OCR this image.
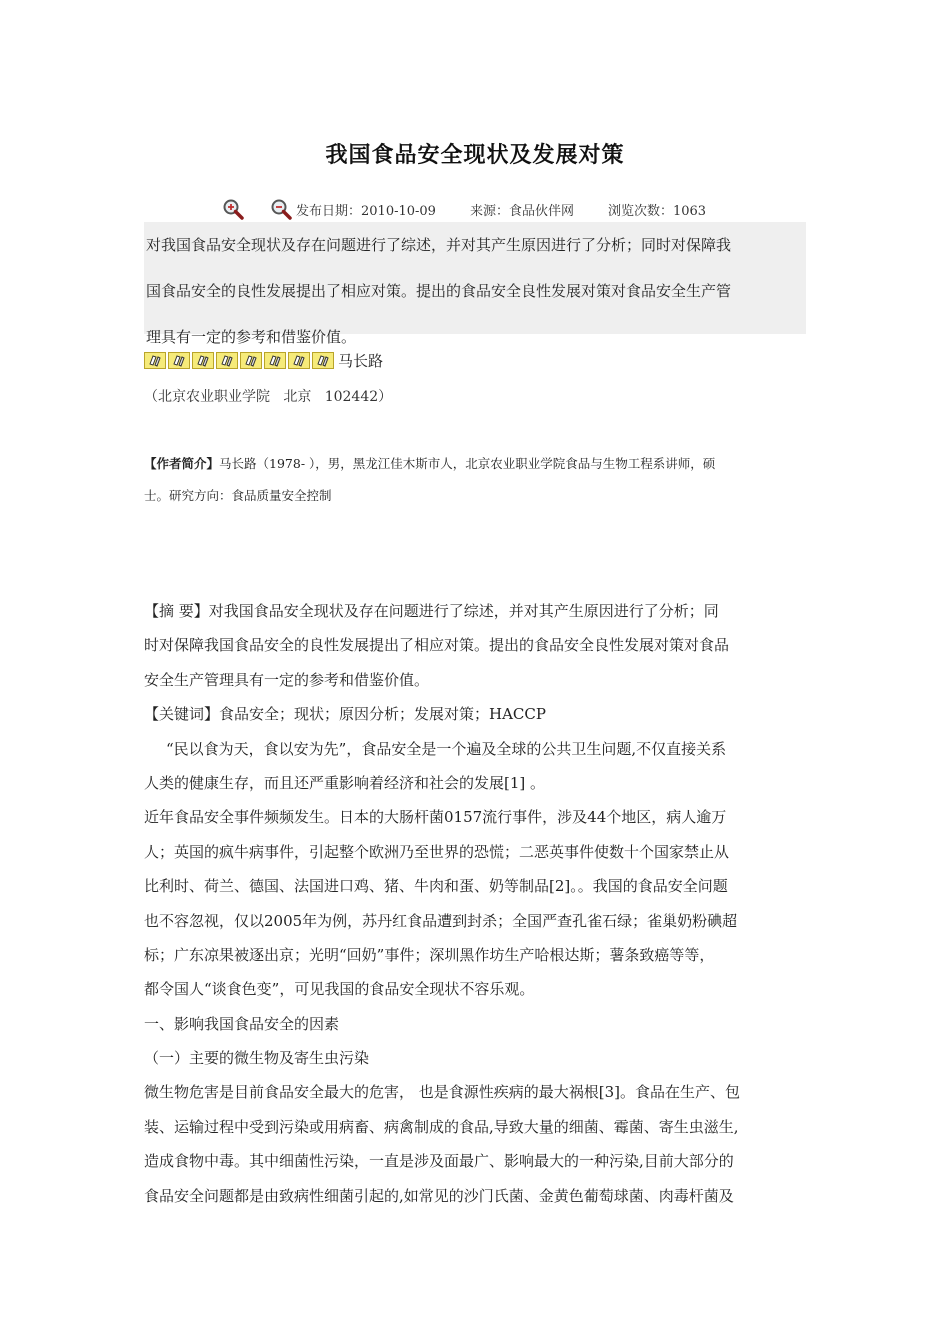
我国食品安全现状及发展对策
发布日期：2010-10-09	来源：食品伙伴网	浏览次数：1063
对我国食品安全现状及存在问题进行了综述，并对其产生原因进行了分析；同时对保障我
国食品安全的良性发展提出了相应对策。提出的食品安全良性发展对策对食品安全生产管
理具有一定的参考和借鉴价值。
马长路
（北京农业职业学院   北京   102442）
【作者简介】马长路（1978- ），男，黑龙江佳木斯市人，北京农业职业学院食品与生物工程系讲师，硕
士。研究方向：食品质量安全控制
【摘 要】对我国食品安全现状及存在问题进行了综述，并对其产生原因进行了分析；同
时对保障我国食品安全的良性发展提出了相应对策。提出的食品安全良性发展对策对食品
安全生产管理具有一定的参考和借鉴价值。
【关键词】食品安全；现状；原因分析；发展对策；HACCP
“民以食为天，食以安为先”，食品安全是一个遍及全球的公共卫生问题,不仅直接关系
人类的健康生存，而且还严重影响着经济和社会的发展[1] 。
近年食品安全事件频频发生。日本的大肠杆菌0157流行事件，涉及44个地区，病人逾万
人；英国的疯牛病事件，引起整个欧洲乃至世界的恐慌；二恶英事件使数十个国家禁止从
比利时、荷兰、德国、法国进口鸡、猪、牛肉和蛋、奶等制品[2]。。我国的食品安全问题
也不容忽视，仅以2005年为例，苏丹红食品遭到封杀；全国严查孔雀石绿；雀巢奶粉碘超
标；广东凉果被逐出京；光明“回奶”事件；深圳黑作坊生产哈根达斯；薯条致癌等等，
都令国人“谈食色变”，可见我国的食品安全现状不容乐观。
一、影响我国食品安全的因素
（一）主要的微生物及寄生虫污染
微生物危害是目前食品安全最大的危害， 也是食源性疾病的最大祸根[3]。食品在生产、包
装、运输过程中受到污染或用病畜、病禽制成的食品,导致大量的细菌、霉菌、寄生虫滋生,
造成食物中毒。其中细菌性污染，一直是涉及面最广、影响最大的一种污染,目前大部分的
食品安全问题都是由致病性细菌引起的,如常见的沙门氏菌、金黄色葡萄球菌、肉毒杆菌及
